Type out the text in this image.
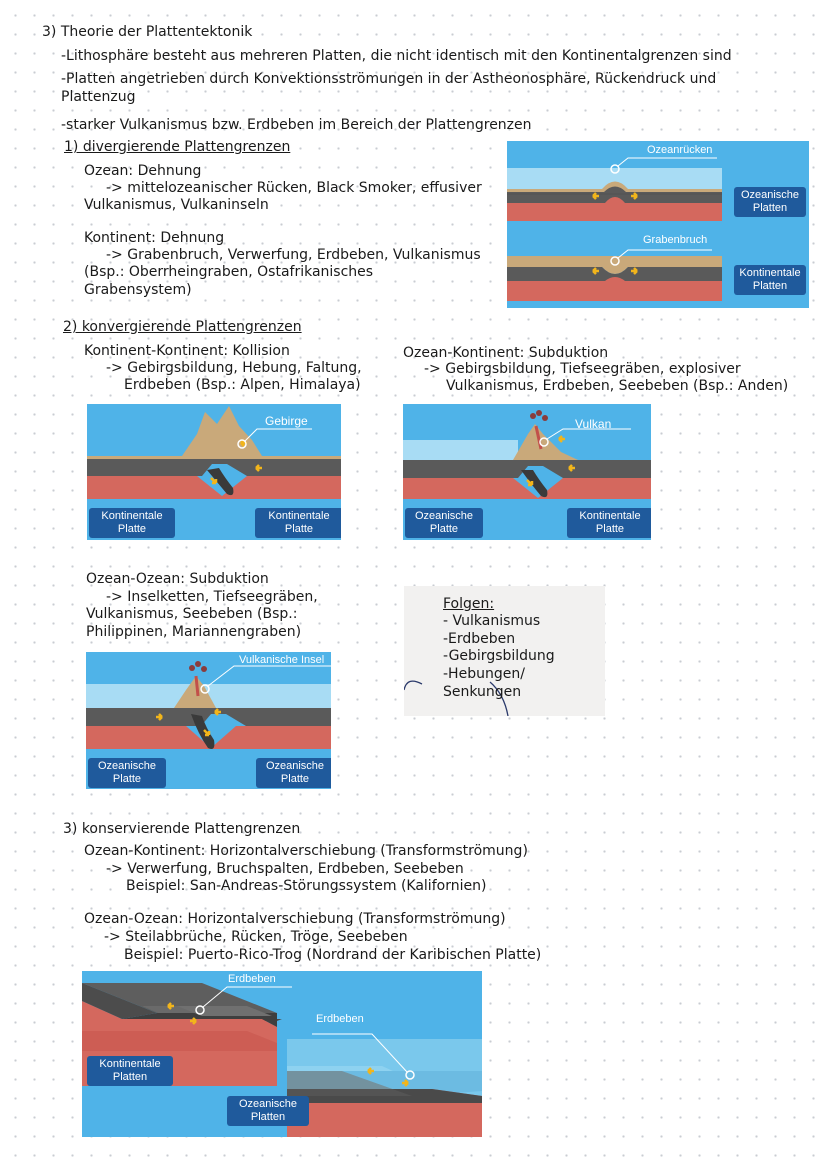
3) Theorie der Plattentektonik
-Lithosphäre besteht aus mehreren Platten, die nicht identisch mit den Kontinentalgrenzen sind
-Platten angetrieben durch Konvektionsströmungen in der Astheonosphäre, Rückendruck und
Plattenzug
-starker Vulkanismus bzw. Erdbeben im Bereich der Plattengrenzen
1) divergierende Plattengrenzen
Ozean: Dehnung
-> mittelozeanischer Rücken, Black Smoker, effusiver
Vulkanismus, Vulkaninseln
Kontinent: Dehnung
-> Grabenbruch, Verwerfung, Erdbeben, Vulkanismus
(Bsp.: Oberrheingraben, Ostafrikanisches
Grabensystem)
2) konvergierende Plattengrenzen
Kontinent-Kontinent: Kollision
-> Gebirgsbildung, Hebung, Faltung,
Erdbeben (Bsp.: Alpen, Himalaya)
Ozean-Kontinent: Subduktion
-> Gebirgsbildung, Tiefseegräben, explosiver
Vulkanismus, Erdbeben, Seebeben (Bsp.: Anden)
Ozean-Ozean: Subduktion
-> Inselketten, Tiefseegräben,
Vulkanismus, Seebeben (Bsp.:
Philippinen, Mariannengraben)
Folgen:
- Vulkanismus
-Erdbeben
-Gebirgsbildung
-Hebungen/
Senkungen
3) konservierende Plattengrenzen
Ozean-Kontinent: Horizontalverschiebung (Transformströmung)
-> Verwerfung, Bruchspalten, Erdbeben, Seebeben
Beispiel: San-Andreas-Störungssystem (Kalifornien)
Ozean-Ozean: Horizontalverschiebung (Transformströmung)
-> Steilabbrüche, Rücken, Tröge, Seebeben
Beispiel: Puerto-Rico-Trog (Nordrand der Karibischen Platte)
Ozeanrücken
Grabenbruch
Ozeanische
Platten
Kontinentale
Platten
Gebirge
Kontinentale
Platte
Kontinentale
Platte
Vulkan
Ozeanische
Platte
Kontinentale
Platte
Vulkanische Insel
Ozeanische
Platte
Ozeanische
Platte
Erdbeben
Erdbeben
Kontinentale
Platten
Ozeanische
Platten
